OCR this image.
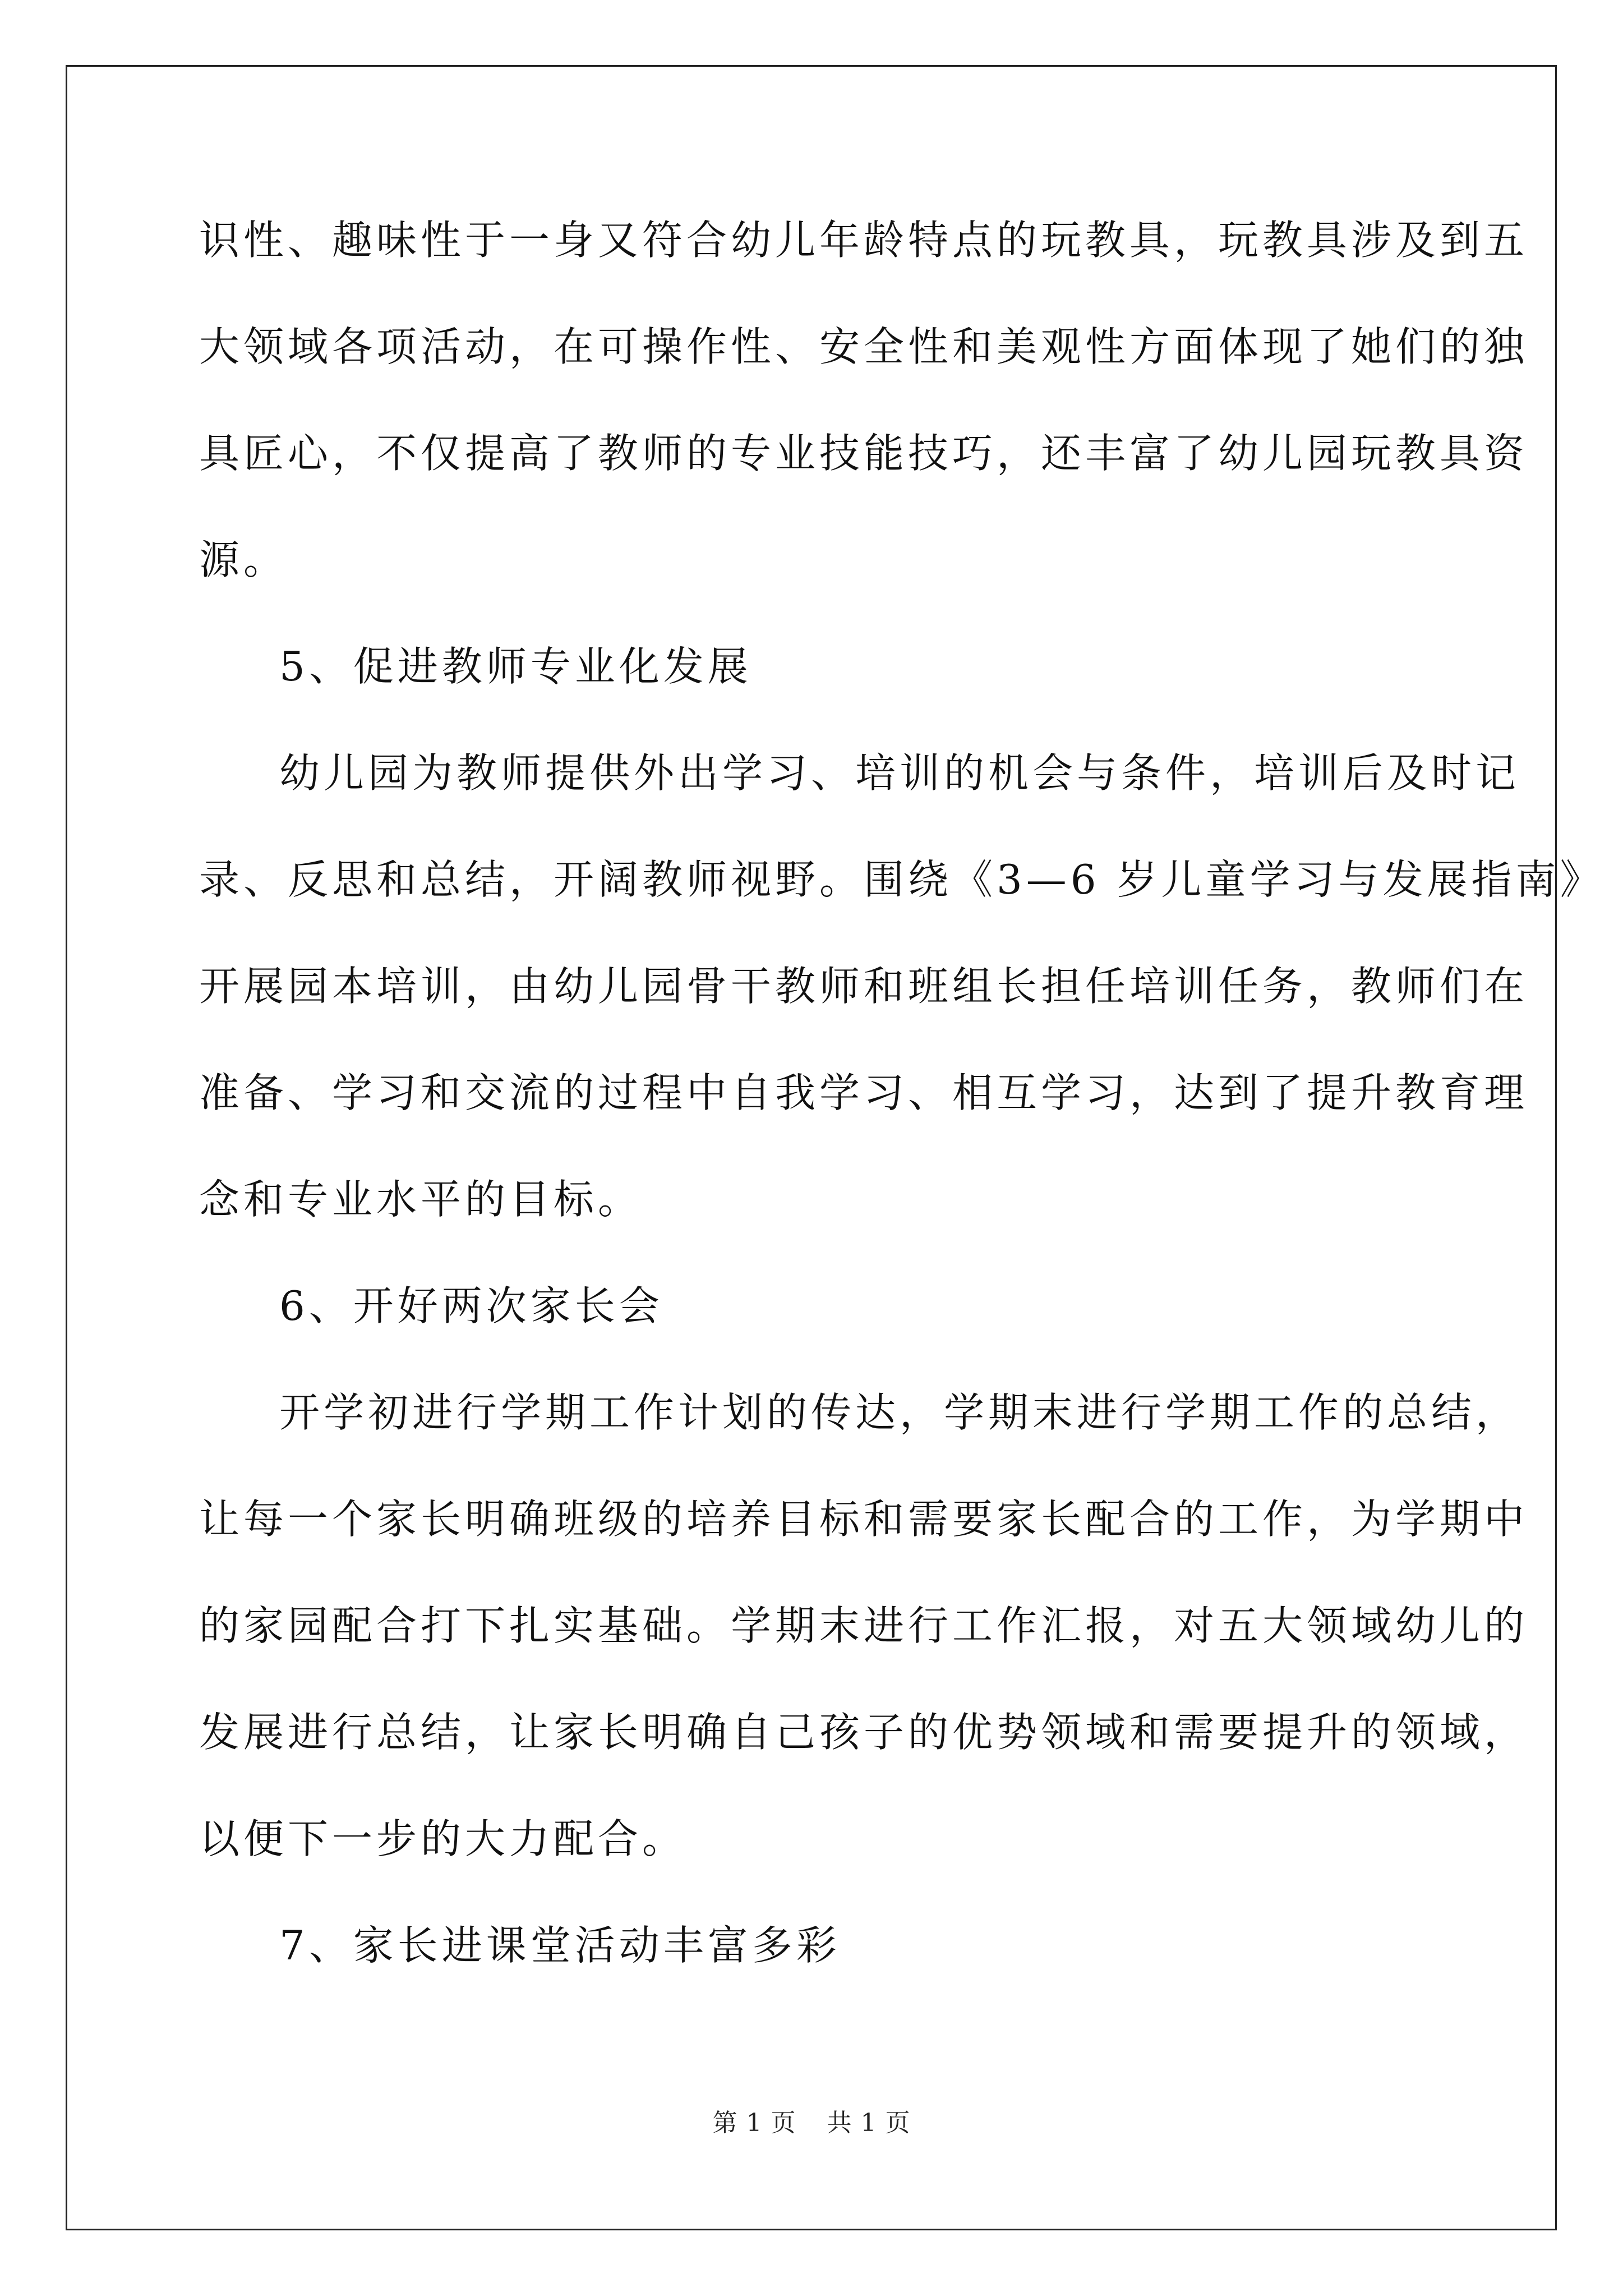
识性、趣味性于一身又符合幼儿年龄特点的玩教具，玩教具涉及到五
大领域各项活动，在可操作性、安全性和美观性方面体现了她们的独
具匠心，不仅提高了教师的专业技能技巧，还丰富了幼儿园玩教具资
源。
5、促进教师专业化发展
幼儿园为教师提供外出学习、培训的机会与条件，培训后及时记
录、反思和总结，开阔教师视野。围绕《3—6 岁儿童学习与发展指南》
开展园本培训，由幼儿园骨干教师和班组长担任培训任务，教师们在
准备、学习和交流的过程中自我学习、相互学习，达到了提升教育理
念和专业水平的目标。
6、开好两次家长会
开学初进行学期工作计划的传达，学期末进行学期工作的总结，
让每一个家长明确班级的培养目标和需要家长配合的工作，为学期中
的家园配合打下扎实基础。学期末进行工作汇报，对五大领域幼儿的
发展进行总结，让家长明确自己孩子的优势领域和需要提升的领域，
以便下一步的大力配合。
7、家长进课堂活动丰富多彩
第 1 页 共 1 页
